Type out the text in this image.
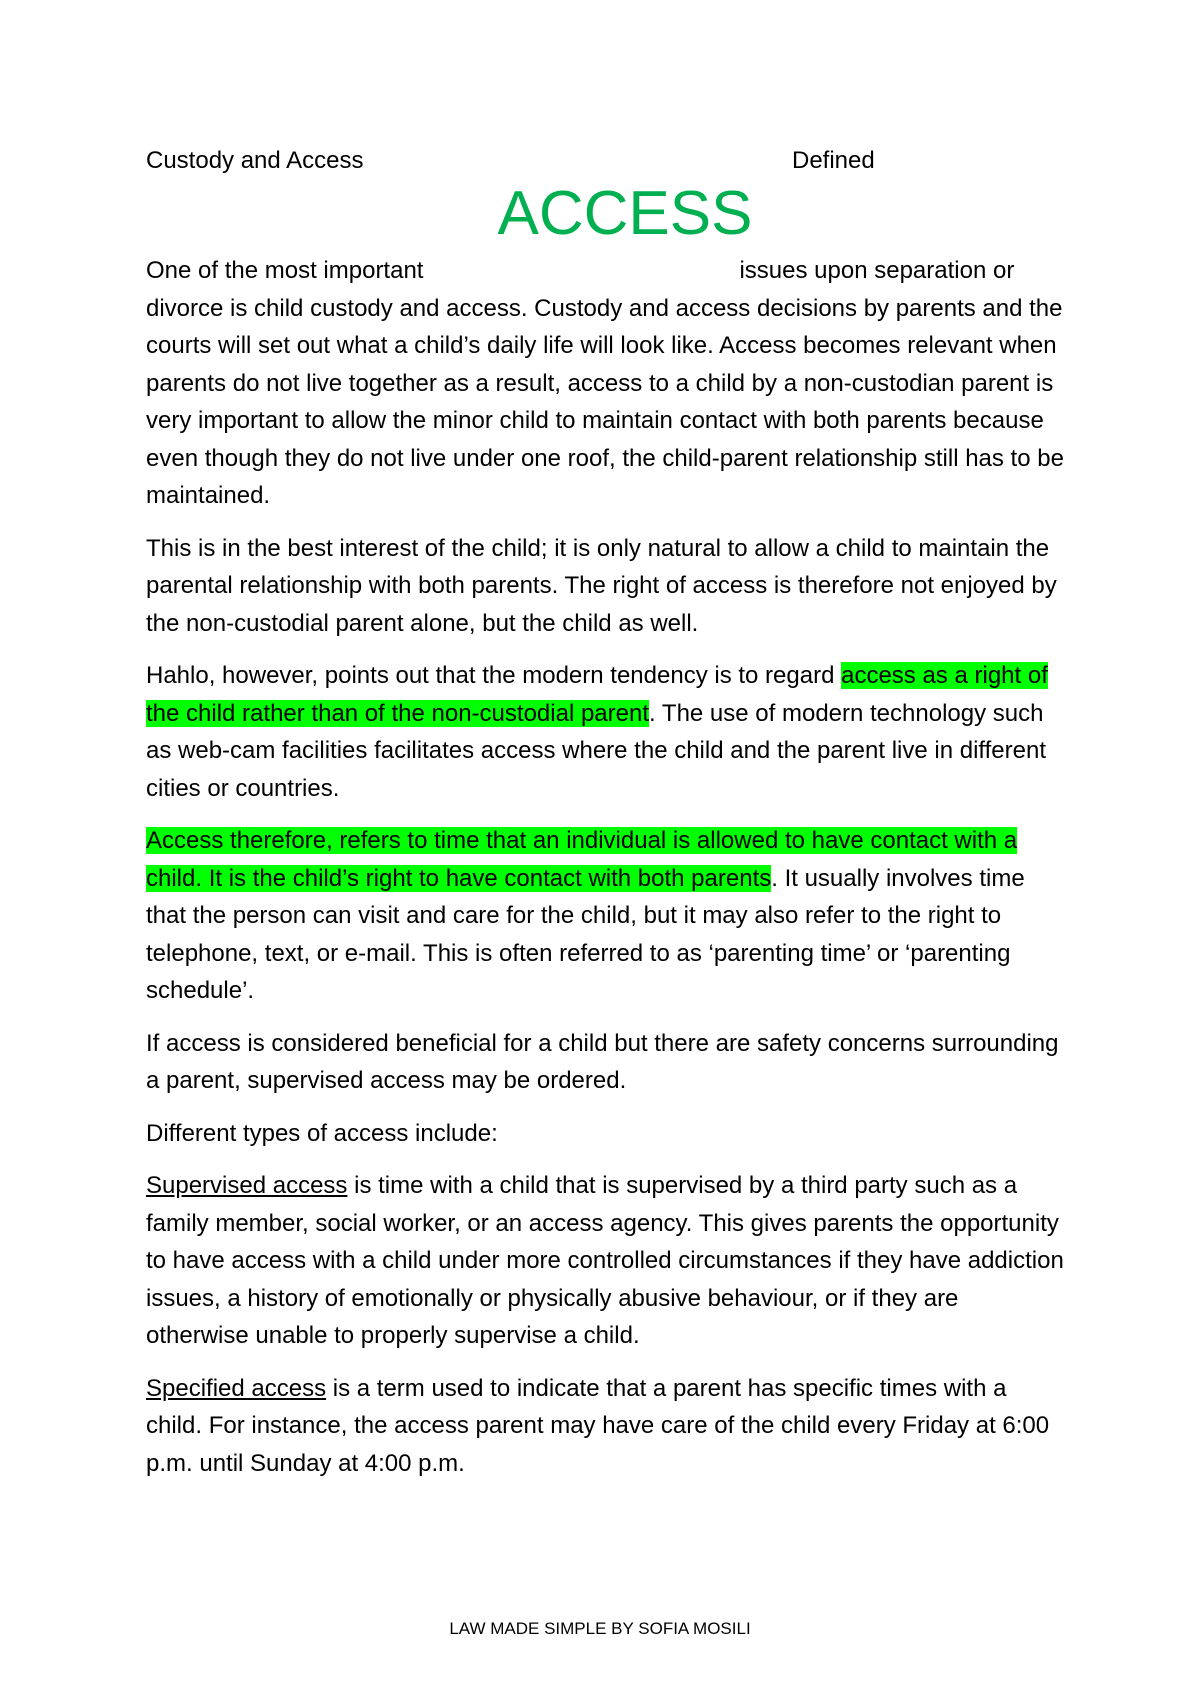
Custody and Access	Defined
ACCESS

One of the most important	issues upon separation or divorce is child custody and access. Custody and access decisions by parents and the courts will set out what a child’s daily life will look like. Access becomes relevant when parents do not live together as a result, access to a child by a non-custodian parent is very important to allow the minor child to maintain contact with both parents because even though they do not live under one roof, the child-parent relationship still has to be maintained.

This is in the best interest of the child; it is only natural to allow a child to maintain the parental relationship with both parents. The right of access is therefore not enjoyed by the non-custodial parent alone, but the child as well.

Hahlo, however, points out that the modern tendency is to regard access as a right of the child rather than of the non-custodial parent. The use of modern technology such as web-cam facilities facilitates access where the child and the parent live in different cities or countries.

Access therefore, refers to time that an individual is allowed to have contact with a child. It is the child’s right to have contact with both parents. It usually involves time that the person can visit and care for the child, but it may also refer to the right to telephone, text, or e-mail. This is often referred to as ‘parenting time’ or ‘parenting schedule’.

If access is considered beneficial for a child but there are safety concerns surrounding a parent, supervised access may be ordered.

Different types of access include:

Supervised access is time with a child that is supervised by a third party such as a family member, social worker, or an access agency. This gives parents the opportunity to have access with a child under more controlled circumstances if they have addiction issues, a history of emotionally or physically abusive behaviour, or if they are otherwise unable to properly supervise a child.

Specified access is a term used to indicate that a parent has specific times with a child. For instance, the access parent may have care of the child every Friday at 6:00 p.m. until Sunday at 4:00 p.m.

LAW MADE SIMPLE BY SOFIA MOSILI
